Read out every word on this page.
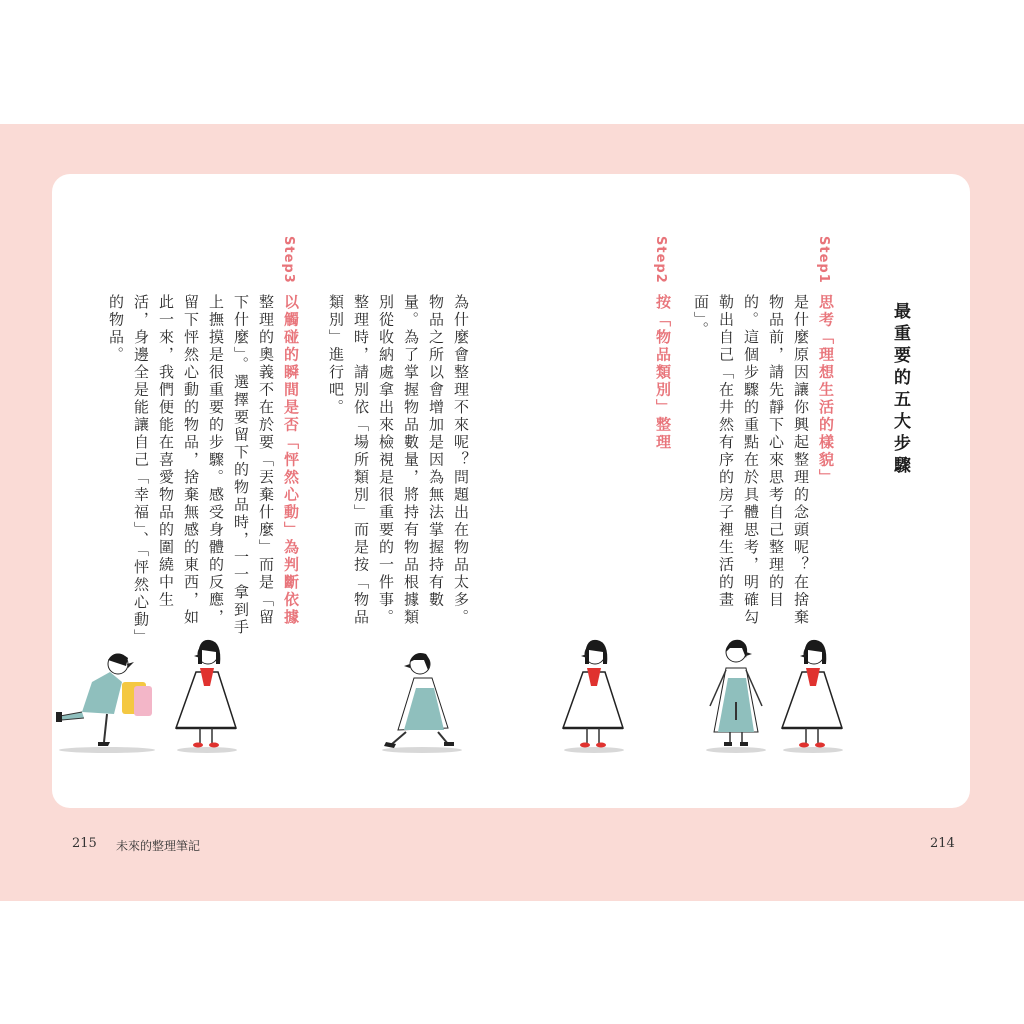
最重要的五大步驟
Step1
思考「理想生活的樣貌」
是什麼原因讓你興起整理的念頭呢？在捨棄
物品前，請先靜下心來思考自己整理的目
的。這個步驟的重點在於具體思考，明確勾
勒出自己「在井然有序的房子裡生活的畫
面」。
Step2
按「物品類別」整理
為什麼會整理不來呢？問題出在物品太多。
物品之所以會增加是因為無法掌握持有數
量。為了掌握物品數量，將持有物品根據類
別從收納處拿出來檢視是很重要的一件事。
整理時，請別依「場所類別」而是按「物品
類別」進行吧。
Step3
以觸碰的瞬間是否「怦然心動」為判斷依據
整理的奧義不在於要「丟棄什麼」而是「留
下什麼」。選擇要留下的物品時，一一拿到手
上撫摸是很重要的步驟。感受身體的反應，
留下怦然心動的物品，捨棄無感的東西，如
此一來，我們便能在喜愛物品的圍繞中生
活，身邊全是能讓自己「幸福」、「怦然心動」
的物品。
215 未來的整理筆記	214
